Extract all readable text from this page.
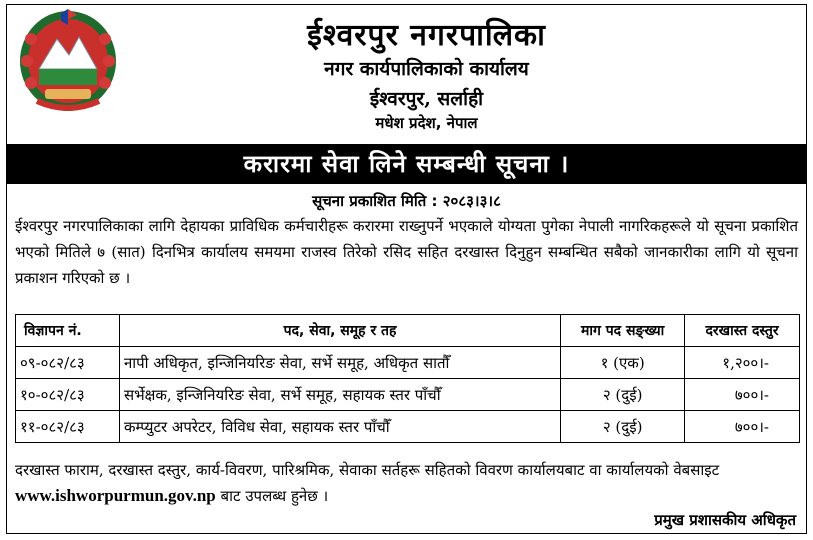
ईश्वरपुर नगरपालिका
नगर कार्यपालिकाको कार्यालय
ईश्वरपुर, सर्लाही
मधेश प्रदेश, नेपाल
करारमा सेवा लिने सम्बन्धी सूचना ।
सूचना प्रकाशित मिति : २०८३।३।८

ईश्वरपुर नगरपालिकाका लागि देहायका प्राविधिक कर्मचारीहरू करारमा राख्नुपर्ने भएकाले योग्यता पुगेका नेपाली नागरिकहरूले यो सूचना प्रकाशित भएको मितिले ७ (सात) दिनभित्र कार्यालय समयमा राजस्व तिरेको रसिद सहित दरखास्त दिनुहुन सम्बन्धित सबैको जानकारीका लागि यो सूचना प्रकाशन गरिएको छ ।

विज्ञापन नं.	पद, सेवा, समूह र तह	माग पद सङ्ख्या	दरखास्त दस्तुर
०९-०८२/८३	नापी अधिकृत, इन्जिनियरिङ सेवा, सर्भे समूह, अधिकृत सातौँ	१ (एक)	१,२००।-
१०-०८२/८३	सर्भेक्षक, इन्जिनियरिङ सेवा, सर्भे समूह, सहायक स्तर पाँचौँ	२ (दुई)	७००।-
११-०८२/८३	कम्प्युटर अपरेटर, विविध सेवा, सहायक स्तर पाँचौँ	२ (दुई)	७००।-

दरखास्त फाराम, दरखास्त दस्तुर, कार्य-विवरण, पारिश्रमिक, सेवाका सर्तहरू सहितको विवरण कार्यालयबाट वा कार्यालयको वेबसाइट www.ishworpurmun.gov.np बाट उपलब्ध हुनेछ ।

प्रमुख प्रशासकीय अधिकृत
